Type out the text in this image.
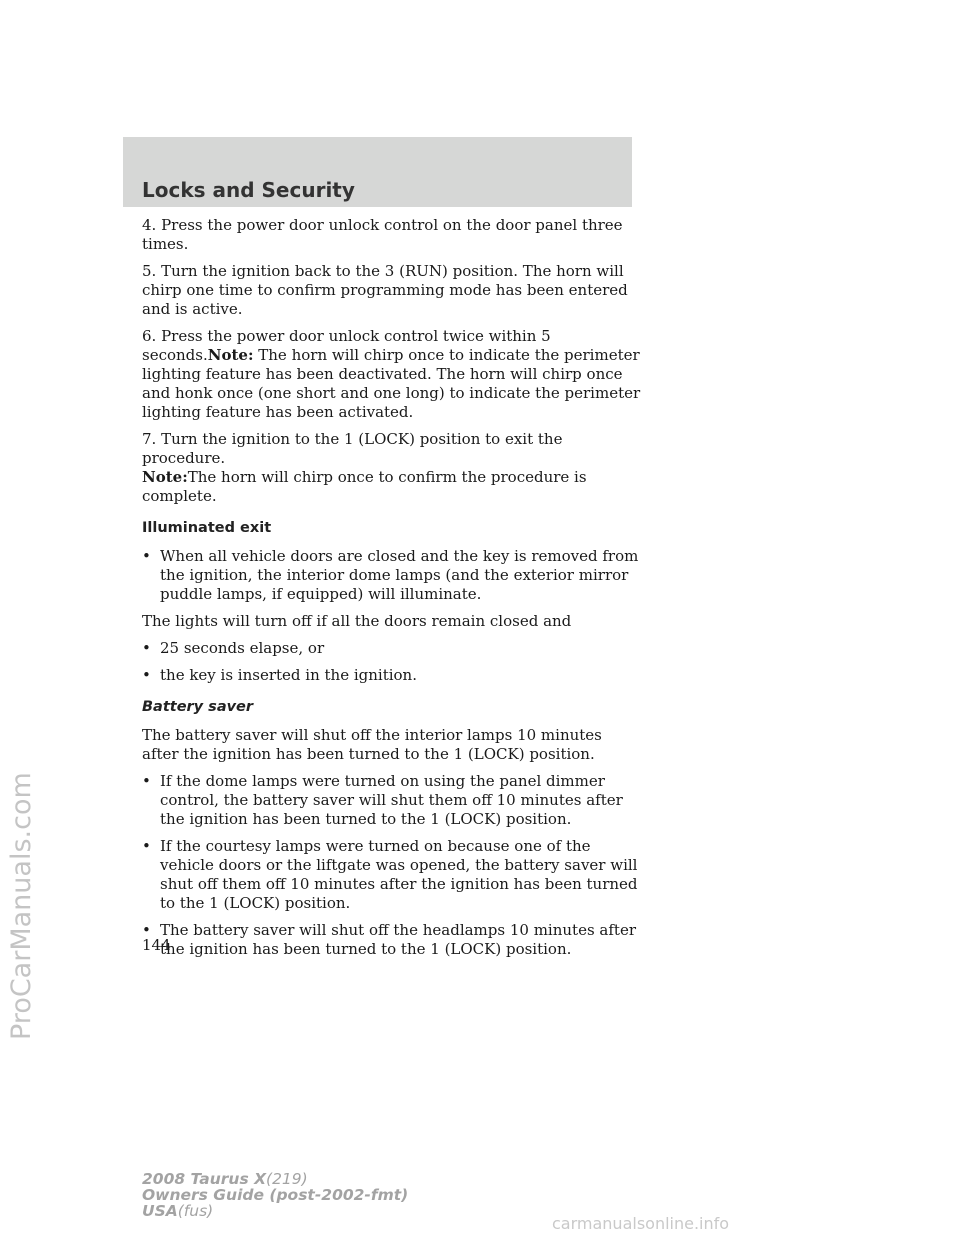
ProCarManuals.com
Locks and Security

4. Press the power door unlock control on the door panel three times.

5. Turn the ignition back to the 3 (RUN) position. The horn will chirp one time to confirm programming mode has been entered and is active.

6. Press the power door unlock control twice within 5 seconds.Note: The horn will chirp once to indicate the perimeter lighting feature has been deactivated. The horn will chirp once and honk once (one short and one long) to indicate the perimeter lighting feature has been activated.

7. Turn the ignition to the 1 (LOCK) position to exit the procedure.
Note:The horn will chirp once to confirm the procedure is complete.

Illuminated exit
• When all vehicle doors are closed and the key is removed from the ignition, the interior dome lamps (and the exterior mirror puddle lamps, if equipped) will illuminate.

The lights will turn off if all the doors remain closed and

• 25 seconds elapse, or
• the key is inserted in the ignition.
Battery saver

The battery saver will shut off the interior lamps 10 minutes after the ignition has been turned to the 1 (LOCK) position.

• If the dome lamps were turned on using the panel dimmer control, the battery saver will shut them off 10 minutes after the ignition has been turned to the 1 (LOCK) position.
• If the courtesy lamps were turned on because one of the vehicle doors or the liftgate was opened, the battery saver will shut off them off 10 minutes after the ignition has been turned to the 1 (LOCK) position.
• The battery saver will shut off the headlamps 10 minutes after the ignition has been turned to the 1 (LOCK) position.
144
2008 Taurus X(219)
Owners Guide (post-2002-fmt)
USA(fus)
carmanualsonline.info
